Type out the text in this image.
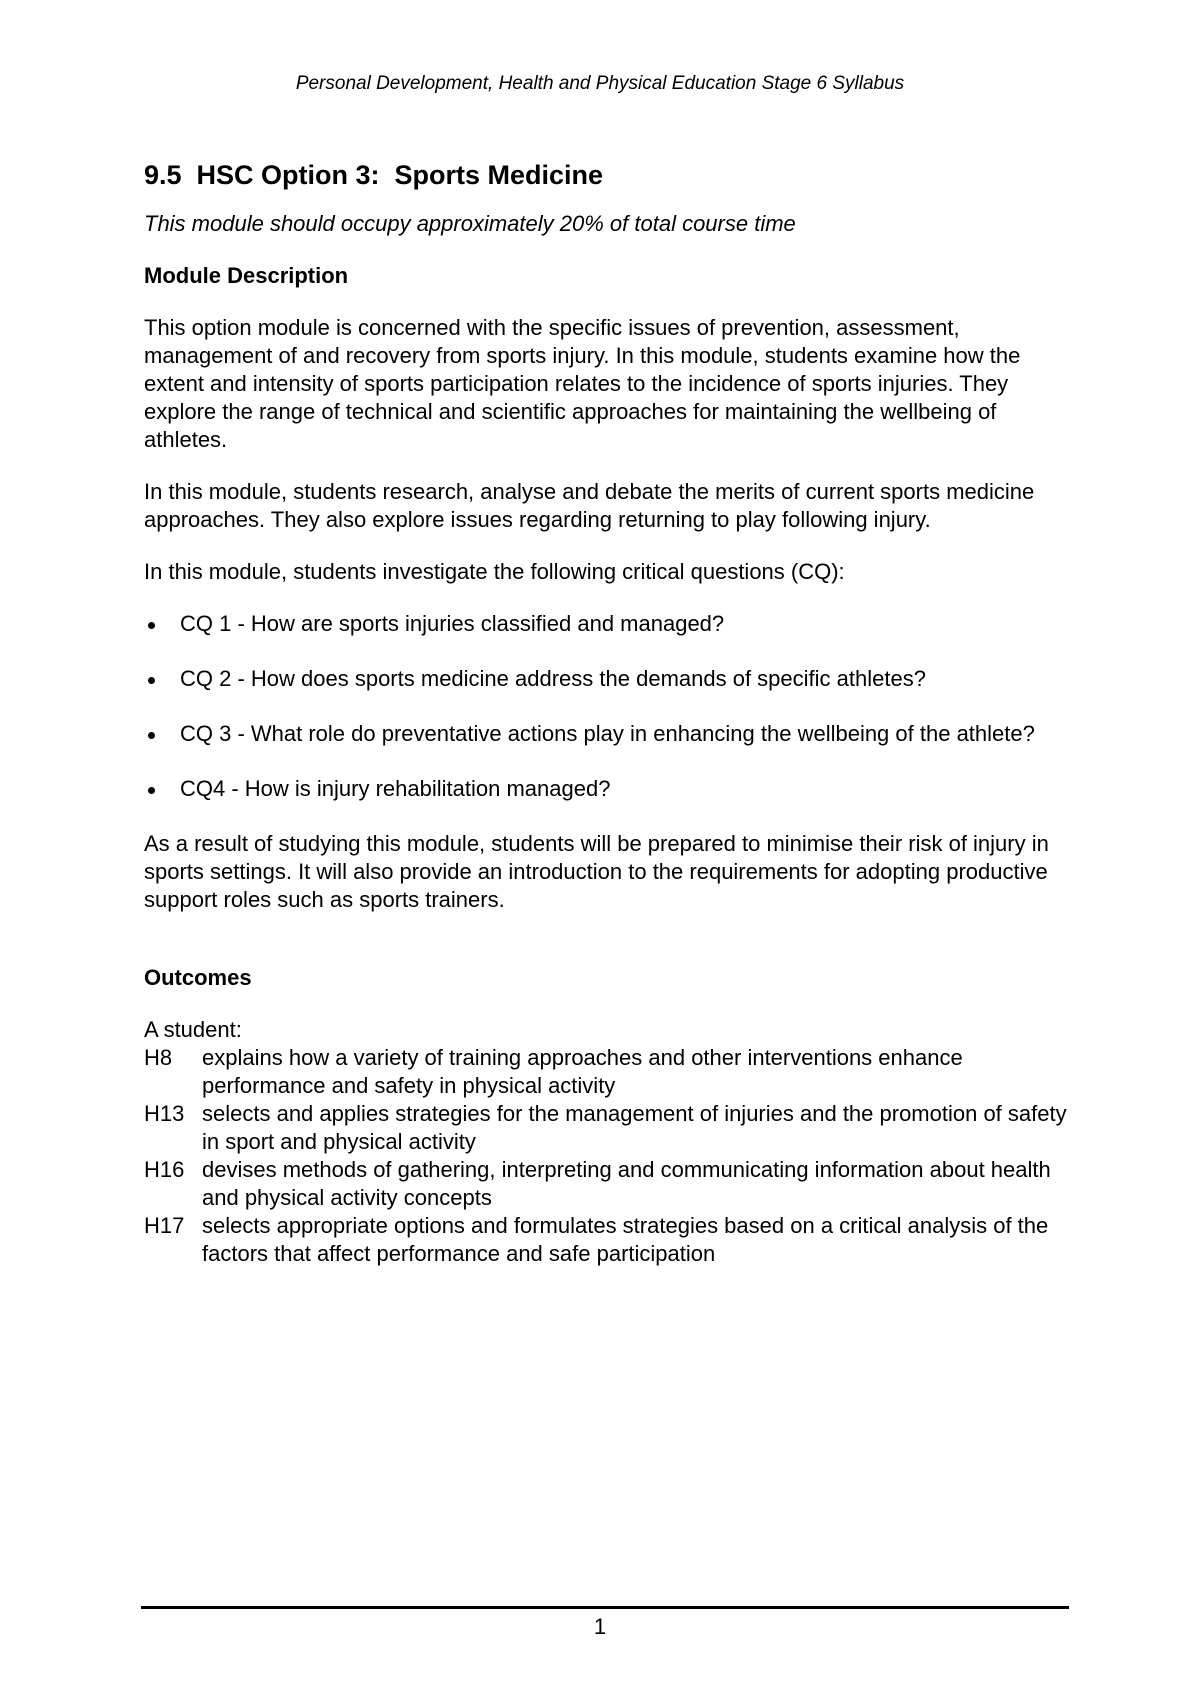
Personal Development, Health and Physical Education Stage 6 Syllabus
9.5  HSC Option 3:  Sports Medicine
This module should occupy approximately 20% of total course time
Module Description
This option module is concerned with the specific issues of prevention, assessment, management of and recovery from sports injury. In this module, students examine how the extent and intensity of sports participation relates to the incidence of sports injuries. They explore the range of technical and scientific approaches for maintaining the wellbeing of athletes.
In this module, students research, analyse and debate the merits of current sports medicine approaches. They also explore issues regarding returning to play following injury.
In this module, students investigate the following critical questions (CQ):
CQ 1 - How are sports injuries classified and managed?
CQ 2 - How does sports medicine address the demands of specific athletes?
CQ 3 - What role do preventative actions play in enhancing the wellbeing of the athlete?
CQ4 - How is injury rehabilitation managed?
As a result of studying this module, students will be prepared to minimise their risk of injury in sports settings. It will also provide an introduction to the requirements for adopting productive support roles such as sports trainers.
Outcomes
A student:
H8	explains how a variety of training approaches and other interventions enhance performance and safety in physical activity
H13 selects and applies strategies for the management of injuries and the promotion of safety in sport and physical activity
H16 devises methods of gathering, interpreting and communicating information about health and physical activity concepts
H17 selects appropriate options and formulates strategies based on a critical analysis of the factors that affect performance and safe participation
1
